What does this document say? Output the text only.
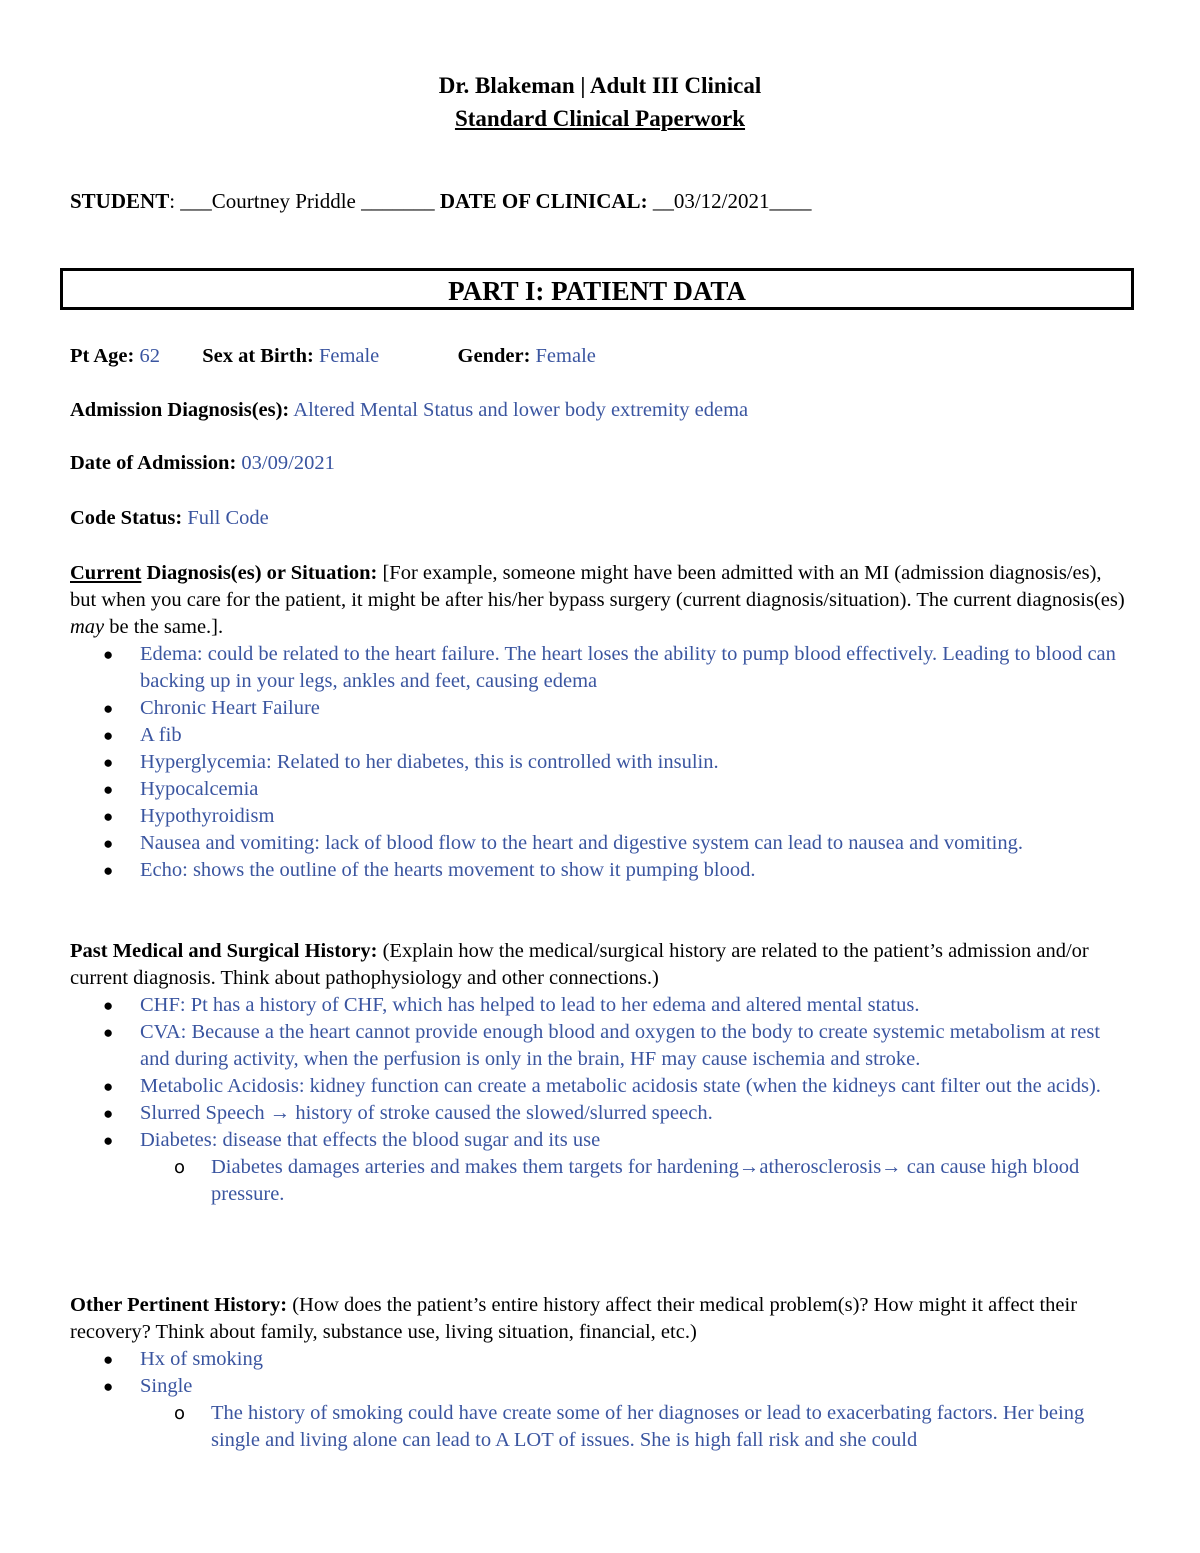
Dr. Blakeman | Adult III Clinical
Standard Clinical Paperwork
STUDENT: ___Courtney Priddle _______ DATE OF CLINICAL: __03/12/2021____
PART I: PATIENT DATA
Pt Age: 62 Sex at Birth: Female	Gender: Female
Admission Diagnosis(es): Altered Mental Status and lower body extremity edema
Date of Admission: 03/09/2021
Code Status: Full Code
Current Diagnosis(es) or Situation: [For example, someone might have been admitted with an MI (admission diagnosis/es), but when you care for the patient, it might be after his/her bypass surgery (current diagnosis/situation). The current diagnosis(es) may be the same.].
● Edema: could be related to the heart failure. The heart loses the ability to pump blood effectively. Leading to blood can backing up in your legs, ankles and feet, causing edema
● Chronic Heart Failure
● A fib
● Hyperglycemia: Related to her diabetes, this is controlled with insulin.
● Hypocalcemia
● Hypothyroidism
● Nausea and vomiting: lack of blood flow to the heart and digestive system can lead to nausea and vomiting.
● Echo: shows the outline of the hearts movement to show it pumping blood.
Past Medical and Surgical History: (Explain how the medical/surgical history are related to the patient’s admission and/or current diagnosis. Think about pathophysiology and other connections.)
● CHF: Pt has a history of CHF, which has helped to lead to her edema and altered mental status.
● CVA: Because a the heart cannot provide enough blood and oxygen to the body to create systemic metabolism at rest and during activity, when the perfusion is only in the brain, HF may cause ischemia and stroke.
● Metabolic Acidosis: kidney function can create a metabolic acidosis state (when the kidneys cant filter out the acids).
● Slurred Speech → history of stroke caused the slowed/slurred speech.
● Diabetes: disease that effects the blood sugar and its use
o Diabetes damages arteries and makes them targets for hardening→atherosclerosis→ can cause high blood pressure.
Other Pertinent History: (How does the patient’s entire history affect their medical problem(s)? How might it affect their recovery? Think about family, substance use, living situation, financial, etc.)
● Hx of smoking
● Single
o The history of smoking could have create some of her diagnoses or lead to exacerbating factors. Her being single and living alone can lead to A LOT of issues. She is high fall risk and she could
